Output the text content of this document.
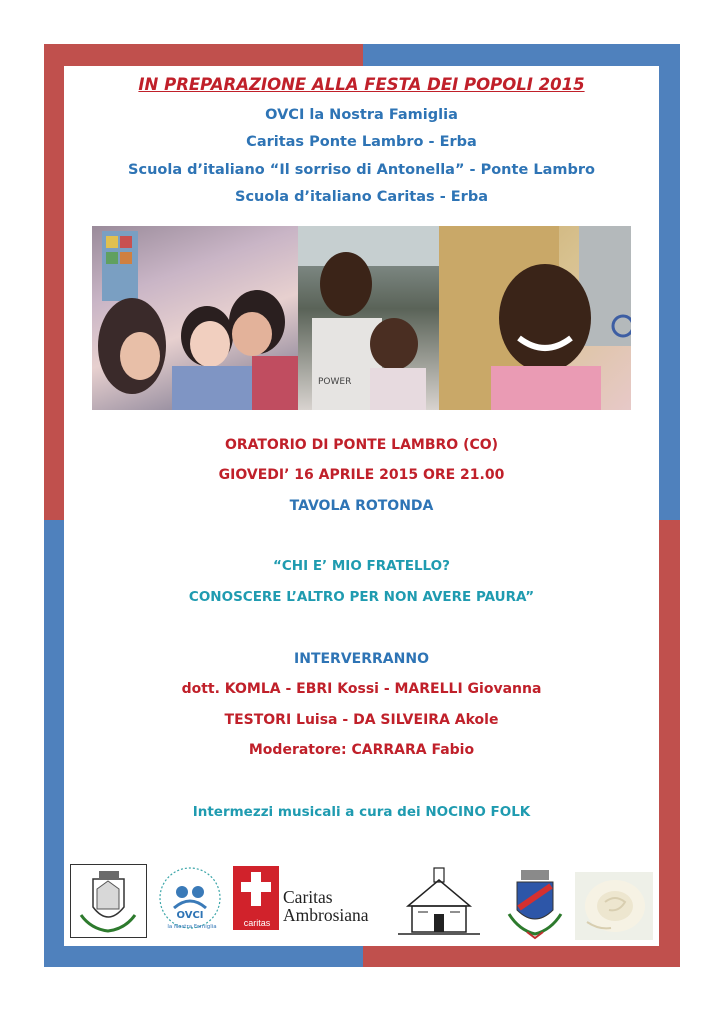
IN PREPARAZIONE ALLA FESTA DEI POPOLI 2015
OVCI la Nostra Famiglia
Caritas Ponte Lambro - Erba
Scuola d’italiano “Il sorriso di Antonella” - Ponte Lambro
Scuola d’italiano Caritas - Erba
POWER
ORATORIO DI PONTE LAMBRO (CO)
GIOVEDI’ 16 APRILE 2015 ORE 21.00
TAVOLA ROTONDA
“CHI E’ MIO FRATELLO?
CONOSCERE L’ALTRO PER NON AVERE PAURA”
INTERVERRANNO
dott. KOMLA - EBRI Kossi - MARELLI Giovanna
TESTORI Luisa - DA SILVEIRA Akole
Moderatore: CARRARA Fabio
Intermezzi musicali a cura dei NOCINO FOLK
OVCI
la Nostra Famiglia	caritas
Caritas
Ambrosiana
